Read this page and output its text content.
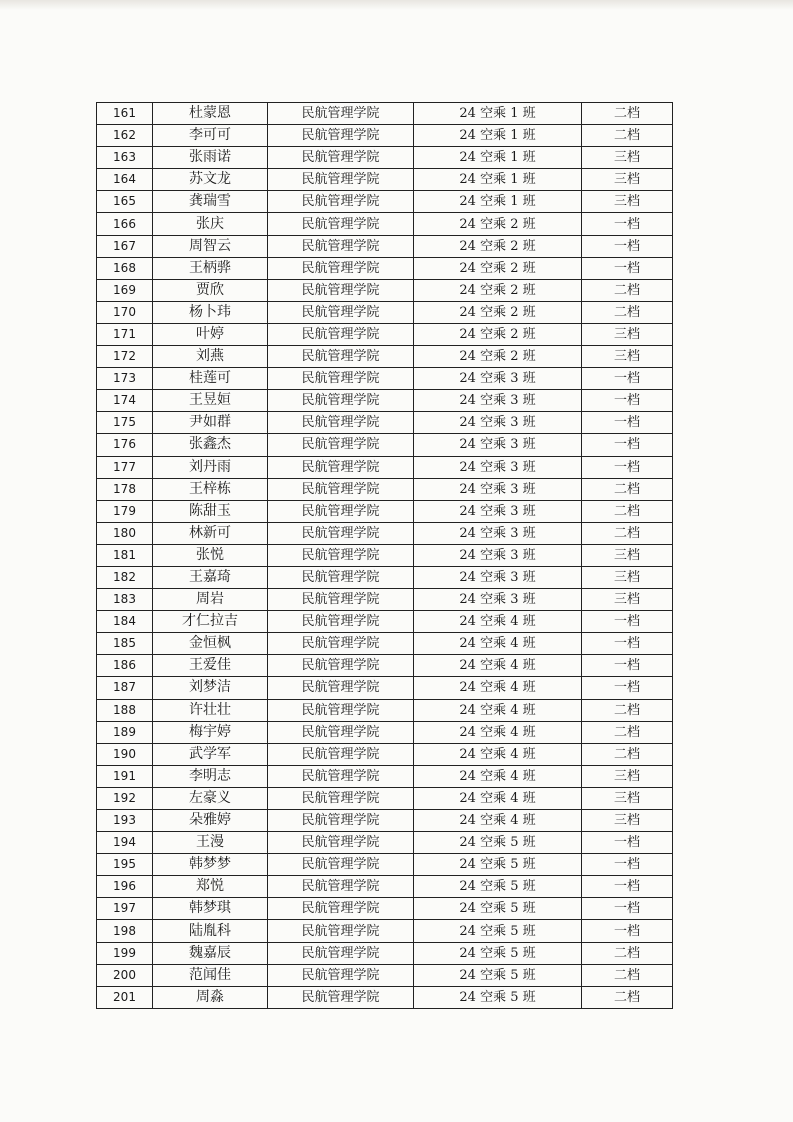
161	杜蒙恩	民航管理学院	24 空乘 1 班	二档
162	李可可	民航管理学院	24 空乘 1 班	二档
163	张雨诺	民航管理学院	24 空乘 1 班	三档
164	苏文龙	民航管理学院	24 空乘 1 班	三档
165	龚瑞雪	民航管理学院	24 空乘 1 班	三档
166	张庆	民航管理学院	24 空乘 2 班	一档
167	周智云	民航管理学院	24 空乘 2 班	一档
168	王柄骅	民航管理学院	24 空乘 2 班	一档
169	贾欣	民航管理学院	24 空乘 2 班	二档
170	杨卜玮	民航管理学院	24 空乘 2 班	二档
171	叶婷	民航管理学院	24 空乘 2 班	三档
172	刘燕	民航管理学院	24 空乘 2 班	三档
173	桂莲可	民航管理学院	24 空乘 3 班	一档
174	王昱姮	民航管理学院	24 空乘 3 班	一档
175	尹如群	民航管理学院	24 空乘 3 班	一档
176	张鑫杰	民航管理学院	24 空乘 3 班	一档
177	刘丹雨	民航管理学院	24 空乘 3 班	一档
178	王梓栋	民航管理学院	24 空乘 3 班	二档
179	陈甜玉	民航管理学院	24 空乘 3 班	二档
180	林新可	民航管理学院	24 空乘 3 班	二档
181	张悦	民航管理学院	24 空乘 3 班	三档
182	王嘉琦	民航管理学院	24 空乘 3 班	三档
183	周岩	民航管理学院	24 空乘 3 班	三档
184	才仁拉吉	民航管理学院	24 空乘 4 班	一档
185	金恒枫	民航管理学院	24 空乘 4 班	一档
186	王爱佳	民航管理学院	24 空乘 4 班	一档
187	刘梦洁	民航管理学院	24 空乘 4 班	一档
188	许壮壮	民航管理学院	24 空乘 4 班	二档
189	梅宇婷	民航管理学院	24 空乘 4 班	二档
190	武学军	民航管理学院	24 空乘 4 班	二档
191	李明志	民航管理学院	24 空乘 4 班	三档
192	左豪义	民航管理学院	24 空乘 4 班	三档
193	朵雅婷	民航管理学院	24 空乘 4 班	三档
194	王漫	民航管理学院	24 空乘 5 班	一档
195	韩梦梦	民航管理学院	24 空乘 5 班	一档
196	郑悦	民航管理学院	24 空乘 5 班	一档
197	韩梦琪	民航管理学院	24 空乘 5 班	一档
198	陆胤科	民航管理学院	24 空乘 5 班	一档
199	魏嘉辰	民航管理学院	24 空乘 5 班	二档
200	范闻佳	民航管理学院	24 空乘 5 班	二档
201	周淼	民航管理学院	24 空乘 5 班	二档
